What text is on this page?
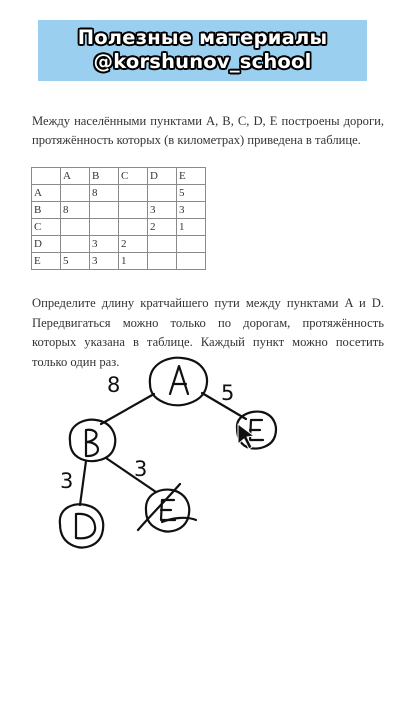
Полезные материалы
@korshunov_school
Между населёнными пунктами A, B, C, D, E построены дороги, протяжённость которых (в километрах) приведена в таблице.
	A	B	C	D	E
A		8			5
B	8			3	3
C				2	1
D		3	2		
E	5	3	1		
Определите длину кратчайшего пути между пунктами A и D. Передвигаться можно только по дорогам, протяжённость которых указана в таблице. Каждый пункт можно посетить только один раз.
8	5
3	3
